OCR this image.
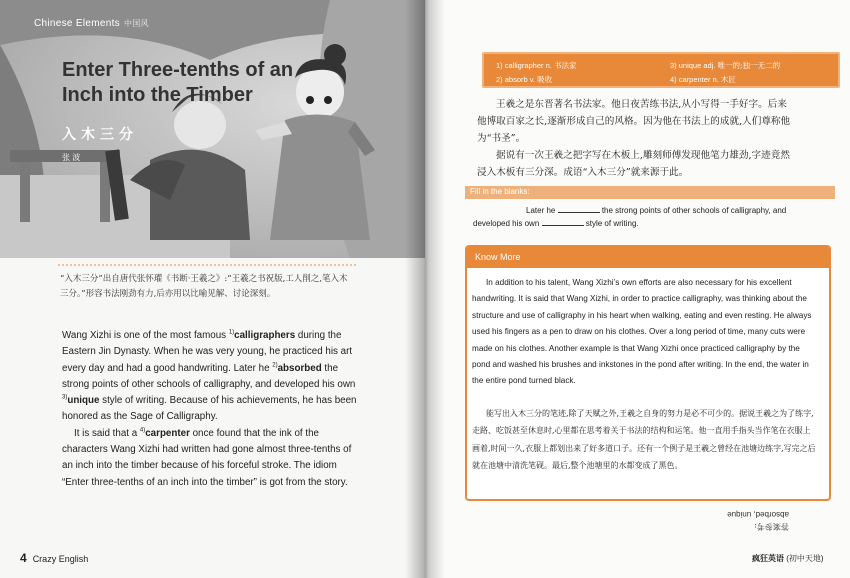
Chinese Elements 中国风
Enter Three-tenths of an Inch into the Timber
入木三分
张 波
“入木三分”出自唐代张怀瓘《书断·王羲之》:“王羲之书祝版,工人削之,笔入木三分。”形容书法刚劲有力,后亦用以比喻见解、讨论深刻。

Wang Xizhi is one of the most famous $^{1)}$calligraphers during the Eastern Jin Dynasty. When he was very young, he practiced his art every day and had a good handwriting. Later he $^{2)}$absorbed the strong points of other schools of calligraphy, and developed his own $^{3)}$unique style of writing. Because of his achievements, he has been honored as the Sage of Calligraphy.

It is said that a $^{4)}$carpenter once found that the ink of the characters Wang Xizhi had written had gone almost three-tenths of an inch into the timber because of his forceful stroke. The idiom “Enter three-tenths of an inch into the timber” is got from the story.

4 Crazy English
1) calligrapher n. 书法家
2) absorb v. 吸收
3) unique adj. 唯一的;独一无二的
4) carpenter n. 木匠

王羲之是东晋著名书法家。他日夜苦练书法,从小写得一手好字。后来他博取百家之长,逐渐形成自己的风格。因为他在书法上的成就,人们尊称他为“书圣”。

据说有一次王羲之把字写在木板上,雕刻师傅发现他笔力雄劲,字迹竟然浸入木板有三分深。成语“入木三分”就来源于此。

Fill in the blanks:

Later he	the strong points of other schools of calligraphy, and

developed his own	style of writing.

Know More

In addition to his talent, Wang Xizhi’s own efforts are also necessary for his excellent handwriting. It is said that Wang Xizhi, in order to practice calligraphy, was thinking about the structure and use of calligraphy in his heart when walking, eating and even resting. He always used his fingers as a pen to draw on his clothes. Over a long period of time, many cuts were made on his clothes. Another example is that Wang Xizhi once practiced calligraphy by the pond and washed his brushes and inkstones in the pond after writing. In the end, the water in the entire pond turned black.

能写出入木三分的笔迹,除了天赋之外,王羲之自身的努力是必不可少的。据说王羲之为了练字,走路、吃饭甚至休息时,心里都在思考着关于书法的结构和运笔。他一直用手指头当作笔在衣服上画着,时间一久,衣服上都划出来了好多道口子。还有一个例子是王羲之曾经在池塘边练字,写完之后就在池塘中清洗笔砚。最后,整个池塘里的水都变成了黑色。

absorbed, unique
答案参考:
疯狂英语 (初中天地)
